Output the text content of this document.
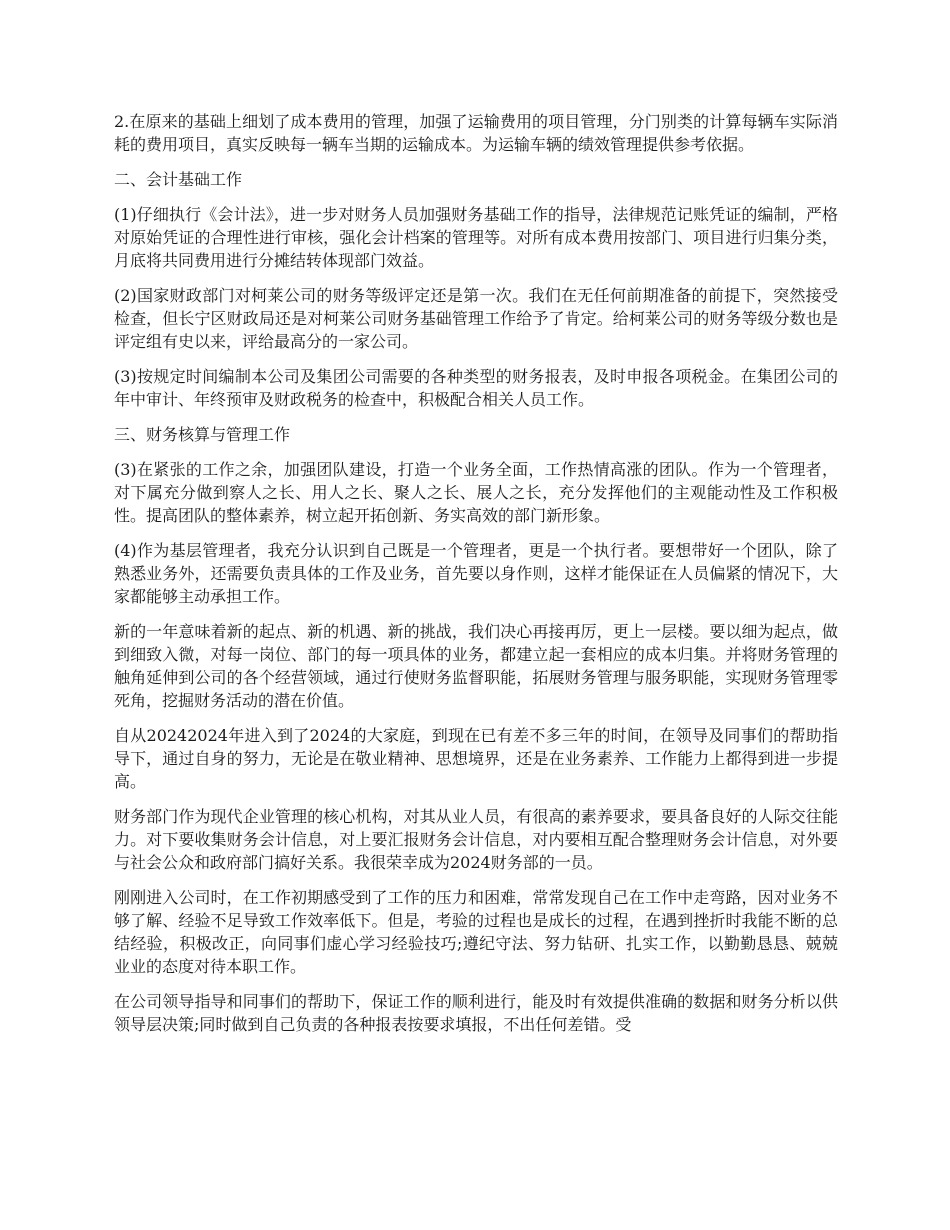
2.在原来的基础上细划了成本费用的管理，加强了运输费用的项目管理，分门别类的计算每辆车实际消耗的费用项目，真实反映每一辆车当期的运输成本。为运输车辆的绩效管理提供参考依据。

二、会计基础工作

(1)仔细执行《会计法》，进一步对财务人员加强财务基础工作的指导，法律规范记账凭证的编制，严格对原始凭证的合理性进行审核，强化会计档案的管理等。对所有成本费用按部门、项目进行归集分类，月底将共同费用进行分摊结转体现部门效益。

(2)国家财政部门对柯莱公司的财务等级评定还是第一次。我们在无任何前期准备的前提下，突然接受检查，但长宁区财政局还是对柯莱公司财务基础管理工作给予了肯定。给柯莱公司的财务等级分数也是评定组有史以来，评给最高分的一家公司。

(3)按规定时间编制本公司及集团公司需要的各种类型的财务报表，及时申报各项税金。在集团公司的年中审计、年终预审及财政税务的检查中，积极配合相关人员工作。

三、财务核算与管理工作

(3)在紧张的工作之余，加强团队建设，打造一个业务全面，工作热情高涨的团队。作为一个管理者，对下属充分做到察人之长、用人之长、聚人之长、展人之长，充分发挥他们的主观能动性及工作积极性。提高团队的整体素养，树立起开拓创新、务实高效的部门新形象。

(4)作为基层管理者，我充分认识到自己既是一个管理者，更是一个执行者。要想带好一个团队，除了熟悉业务外，还需要负责具体的工作及业务，首先要以身作则，这样才能保证在人员偏紧的情况下，大家都能够主动承担工作。

新的一年意味着新的起点、新的机遇、新的挑战，我们决心再接再厉，更上一层楼。要以细为起点，做到细致入微，对每一岗位、部门的每一项具体的业务，都建立起一套相应的成本归集。并将财务管理的触角延伸到公司的各个经营领域，通过行使财务监督职能，拓展财务管理与服务职能，实现财务管理零死角，挖掘财务活动的潜在价值。

自从20242024年进入到了2024的大家庭，到现在已有差不多三年的时间，在领导及同事们的帮助指导下，通过自身的努力，无论是在敬业精神、思想境界，还是在业务素养、工作能力上都得到进一步提高。

财务部门作为现代企业管理的核心机构，对其从业人员，有很高的素养要求，要具备良好的人际交往能力。对下要收集财务会计信息，对上要汇报财务会计信息，对内要相互配合整理财务会计信息，对外要与社会公众和政府部门搞好关系。我很荣幸成为2024财务部的一员。

刚刚进入公司时，在工作初期感受到了工作的压力和困难，常常发现自己在工作中走弯路，因对业务不够了解、经验不足导致工作效率低下。但是，考验的过程也是成长的过程，在遇到挫折时我能不断的总结经验，积极改正，向同事们虚心学习经验技巧;遵纪守法、努力钻研、扎实工作，以勤勤恳恳、兢兢业业的态度对待本职工作。

在公司领导指导和同事们的帮助下，保证工作的顺利进行，能及时有效提供准确的数据和财务分析以供领导层决策;同时做到自己负责的各种报表按要求填报，不出任何差错。受
